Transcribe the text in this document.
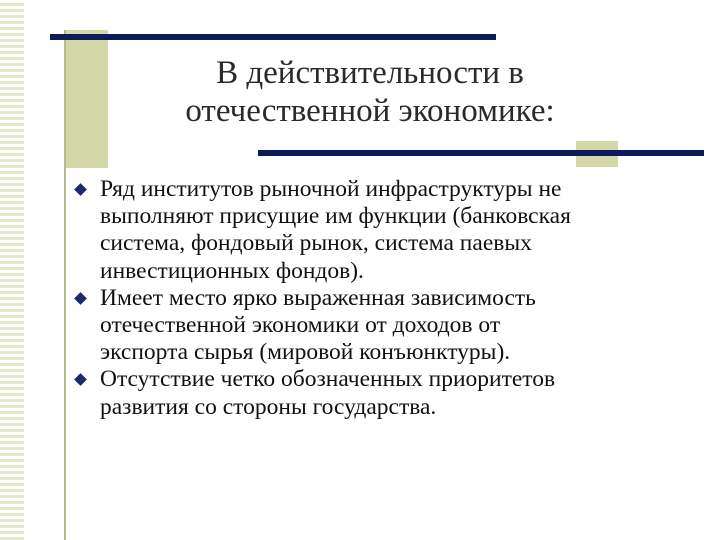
В действительности в
отечественной экономике:
Ряд институтов рыночной инфраструктуры не
выполняют присущие им функции (банковская
система, фондовый рынок, система паевых
инвестиционных фондов).
Имеет место ярко выраженная зависимость
отечественной экономики от доходов от
экспорта сырья (мировой конъюнктуры).
Отсутствие четко обозначенных приоритетов
развития со стороны государства.
